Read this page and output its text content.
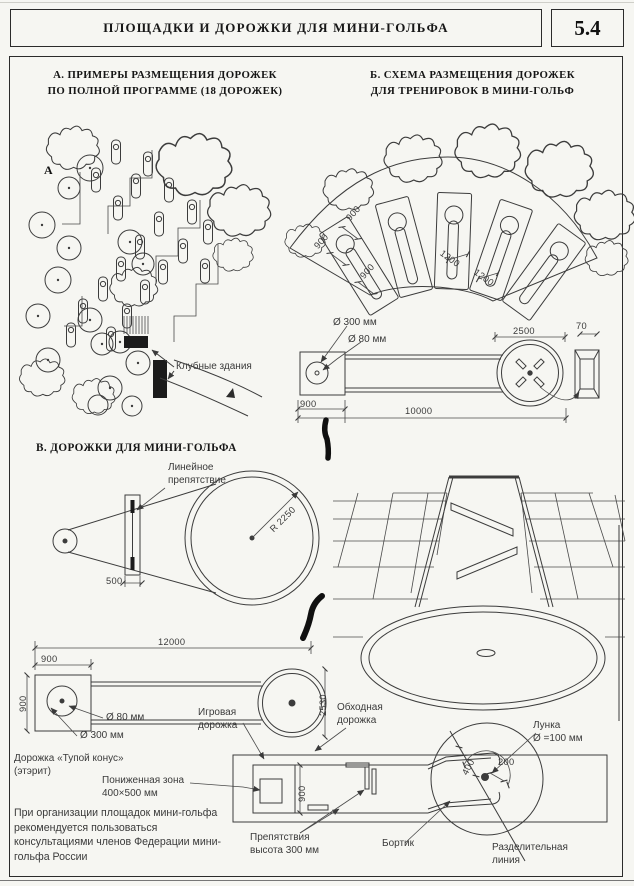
ПЛОЩАДКИ И ДОРОЖКИ ДЛЯ МИНИ-ГОЛЬФА	5.4
А. ПРИМЕРЫ РАЗМЕЩЕНИЯ ДОРОЖЕК
ПО ПОЛНОЙ ПРОГРАММЕ (18 ДОРОЖЕК)
Б. СХЕМА РАЗМЕЩЕНИЯ ДОРОЖЕК
ДЛЯ ТРЕНИРОВОК В МИНИ-ГОЛЬФ
А
Клубные здания
900
900
900
1200
1200
Ø 300 мм
Ø 80 мм
2500	70
900
10000
В. ДОРОЖКИ ДЛЯ МИНИ-ГОЛЬФА
Линейное
препятствие
R 2250
500
12000
900
900	2530
Ø 80 мм
Ø 300 мм
Дорожка «Тупой конус»
(этэрит)
Игровая
дорожка
Обходная
дорожка
Пониженная зона
400×500 мм	900
400 200
Препятствия
высота 300 мм
Бортик
Лунка
Ø =100 мм
Разделительная
линия
При организации площадок мини-гольфа рекомендуется пользоваться консультациями членов Федерации мини-гольфа России
